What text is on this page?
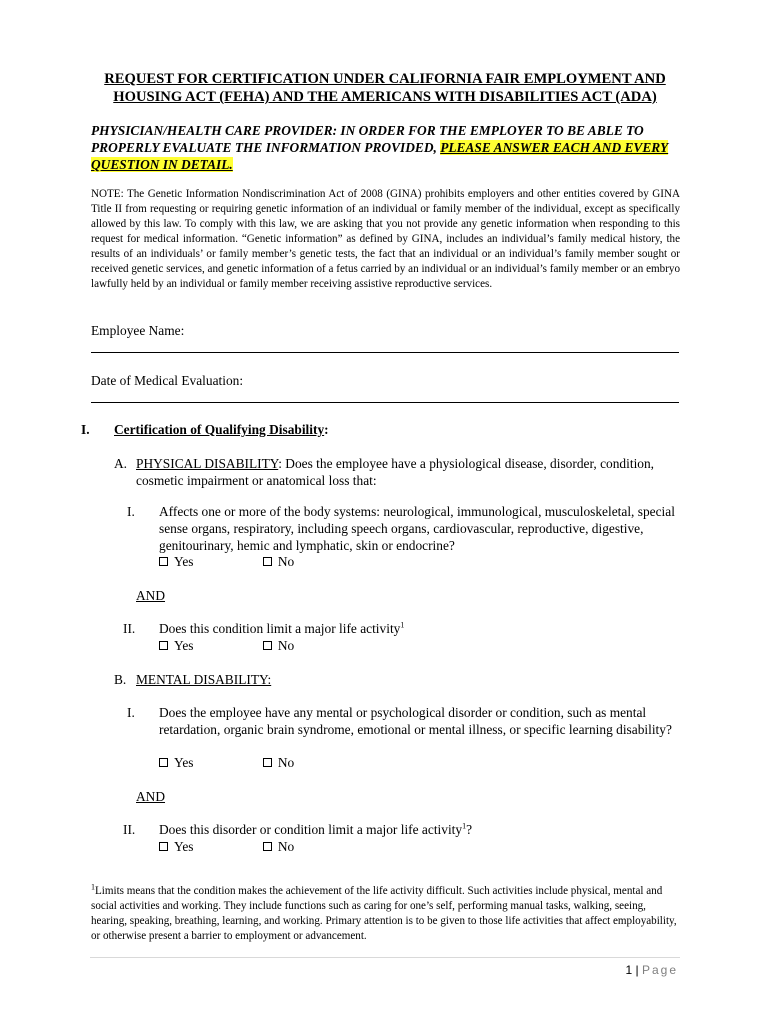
REQUEST FOR CERTIFICATION UNDER CALIFORNIA FAIR EMPLOYMENT AND
HOUSING ACT (FEHA) AND THE AMERICANS WITH DISABILITIES ACT (ADA)
PHYSICIAN/HEALTH CARE PROVIDER: IN ORDER FOR THE EMPLOYER TO BE ABLE TO PROPERLY EVALUATE THE INFORMATION PROVIDED, PLEASE ANSWER EACH AND EVERY QUESTION IN DETAIL.
NOTE: The Genetic Information Nondiscrimination Act of 2008 (GINA) prohibits employers and other entities covered by GINA Title II from requesting or requiring genetic information of an individual or family member of the individual, except as specifically allowed by this law. To comply with this law, we are asking that you not provide any genetic information when responding to this request for medical information. “Genetic information” as defined by GINA, includes an individual’s family medical history, the results of an individuals’ or family member’s genetic tests, the fact that an individual or an individual’s family member sought or received genetic services, and genetic information of a fetus carried by an individual or an individual’s family member or an embryo lawfully held by an individual or family member receiving assistive reproductive services.
Employee Name:
Date of Medical Evaluation:
I. Certification of Qualifying Disability:
A. PHYSICAL DISABILITY: Does the employee have a physiological disease, disorder, condition, cosmetic impairment or anatomical loss that:
I. Affects one or more of the body systems: neurological, immunological, musculoskeletal, special sense organs, respiratory, including speech organs, cardiovascular, reproductive, digestive, genitourinary, hemic and lymphatic, skin or endocrine?
Yes
	No
AND
II. Does this condition limit a major life activity$^1$
Yes
	No
B. MENTAL DISABILITY:
I. Does the employee have any mental or psychological disorder or condition, such as mental retardation, organic brain syndrome, emotional or mental illness, or specific learning disability?
Yes
	No
AND
II. Does this disorder or condition limit a major life activity$^1$?
Yes
	No
$^1$Limits means that the condition makes the achievement of the life activity difficult. Such activities include physical, mental and social activities and working. They include functions such as caring for one’s self, performing manual tasks, walking, seeing, hearing, speaking, breathing, learning, and working. Primary attention is to be given to those life activities that affect employability, or otherwise present a barrier to employment or advancement.
1 | Page
